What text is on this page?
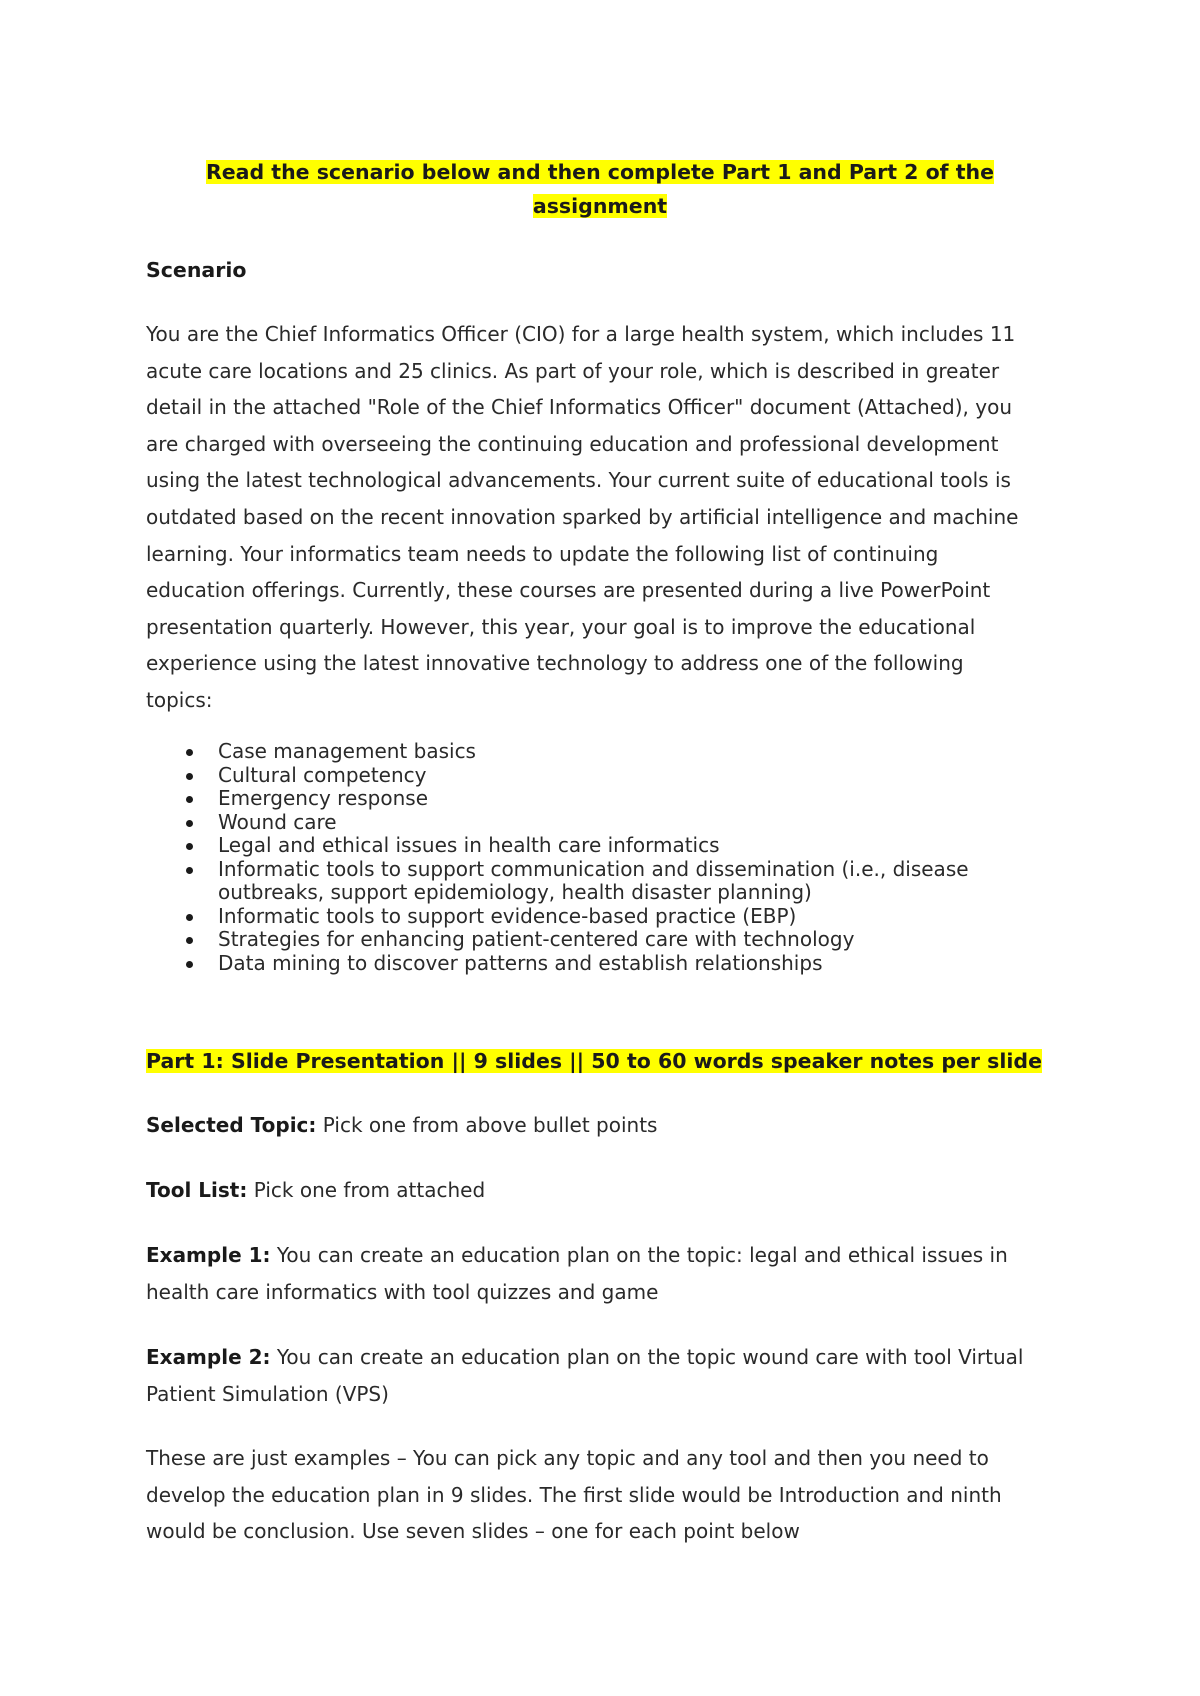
Read the scenario below and then complete Part 1 and Part 2 of the
assignment
Scenario

You are the Chief Informatics Officer (CIO) for a large health system, which includes 11
acute care locations and 25 clinics. As part of your role, which is described in greater
detail in the attached "Role of the Chief Informatics Officer" document (Attached), you
are charged with overseeing the continuing education and professional development
using the latest technological advancements. Your current suite of educational tools is
outdated based on the recent innovation sparked by artificial intelligence and machine
learning. Your informatics team needs to update the following list of continuing
education offerings. Currently, these courses are presented during a live PowerPoint
presentation quarterly. However, this year, your goal is to improve the educational
experience using the latest innovative technology to address one of the following
topics:

Case management basics
Cultural competency
Emergency response
Wound care
Legal and ethical issues in health care informatics
Informatic tools to support communication and dissemination (i.e., disease
outbreaks, support epidemiology, health disaster planning)
Informatic tools to support evidence-based practice (EBP)
Strategies for enhancing patient-centered care with technology
Data mining to discover patterns and establish relationships
Part 1: Slide Presentation || 9 slides || 50 to 60 words speaker notes per slide
Selected Topic: Pick one from above bullet points
Tool List: Pick one from attached
Example 1: You can create an education plan on the topic: legal and ethical issues in
health care informatics with tool quizzes and game
Example 2: You can create an education plan on the topic wound care with tool Virtual
Patient Simulation (VPS)

These are just examples – You can pick any topic and any tool and then you need to
develop the education plan in 9 slides. The first slide would be Introduction and ninth
would be conclusion. Use seven slides – one for each point below
